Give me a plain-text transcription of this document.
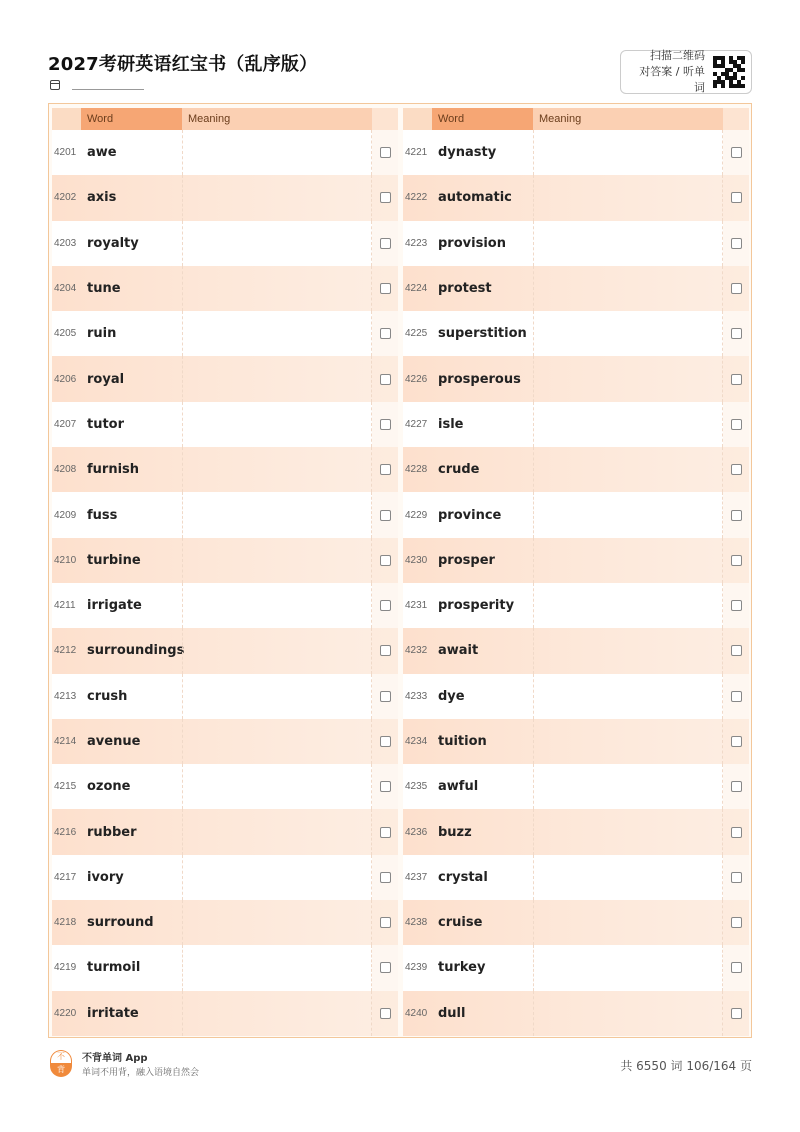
2027考研英语红宝书（乱序版）	扫描二维码
对答案 / 听单词
Word	Meaning
4201 awe
4202 axis
4203 royalty
4204 tune
4205 ruin
4206 royal
4207 tutor
4208 furnish
4209 fuss
4210 turbine
4211 irrigate
4212 surroundings
4213 crush
4214 avenue
4215 ozone
4216 rubber
4217 ivory
4218 surround
4219 turmoil
4220 irritate
Word	Meaning
4221 dynasty
4222 automatic
4223 provision
4224 protest
4225 superstition
4226 prosperous
4227 isle
4228 crude
4229 province
4230 prosper
4231 prosperity
4232 await
4233 dye
4234 tuition
4235 awful
4236 buzz
4237 crystal
4238 cruise
4239 turkey
4240 dull
不
背
不背单词 App
单词不用背，融入语境自然会	共 6550 词 106/164 页
